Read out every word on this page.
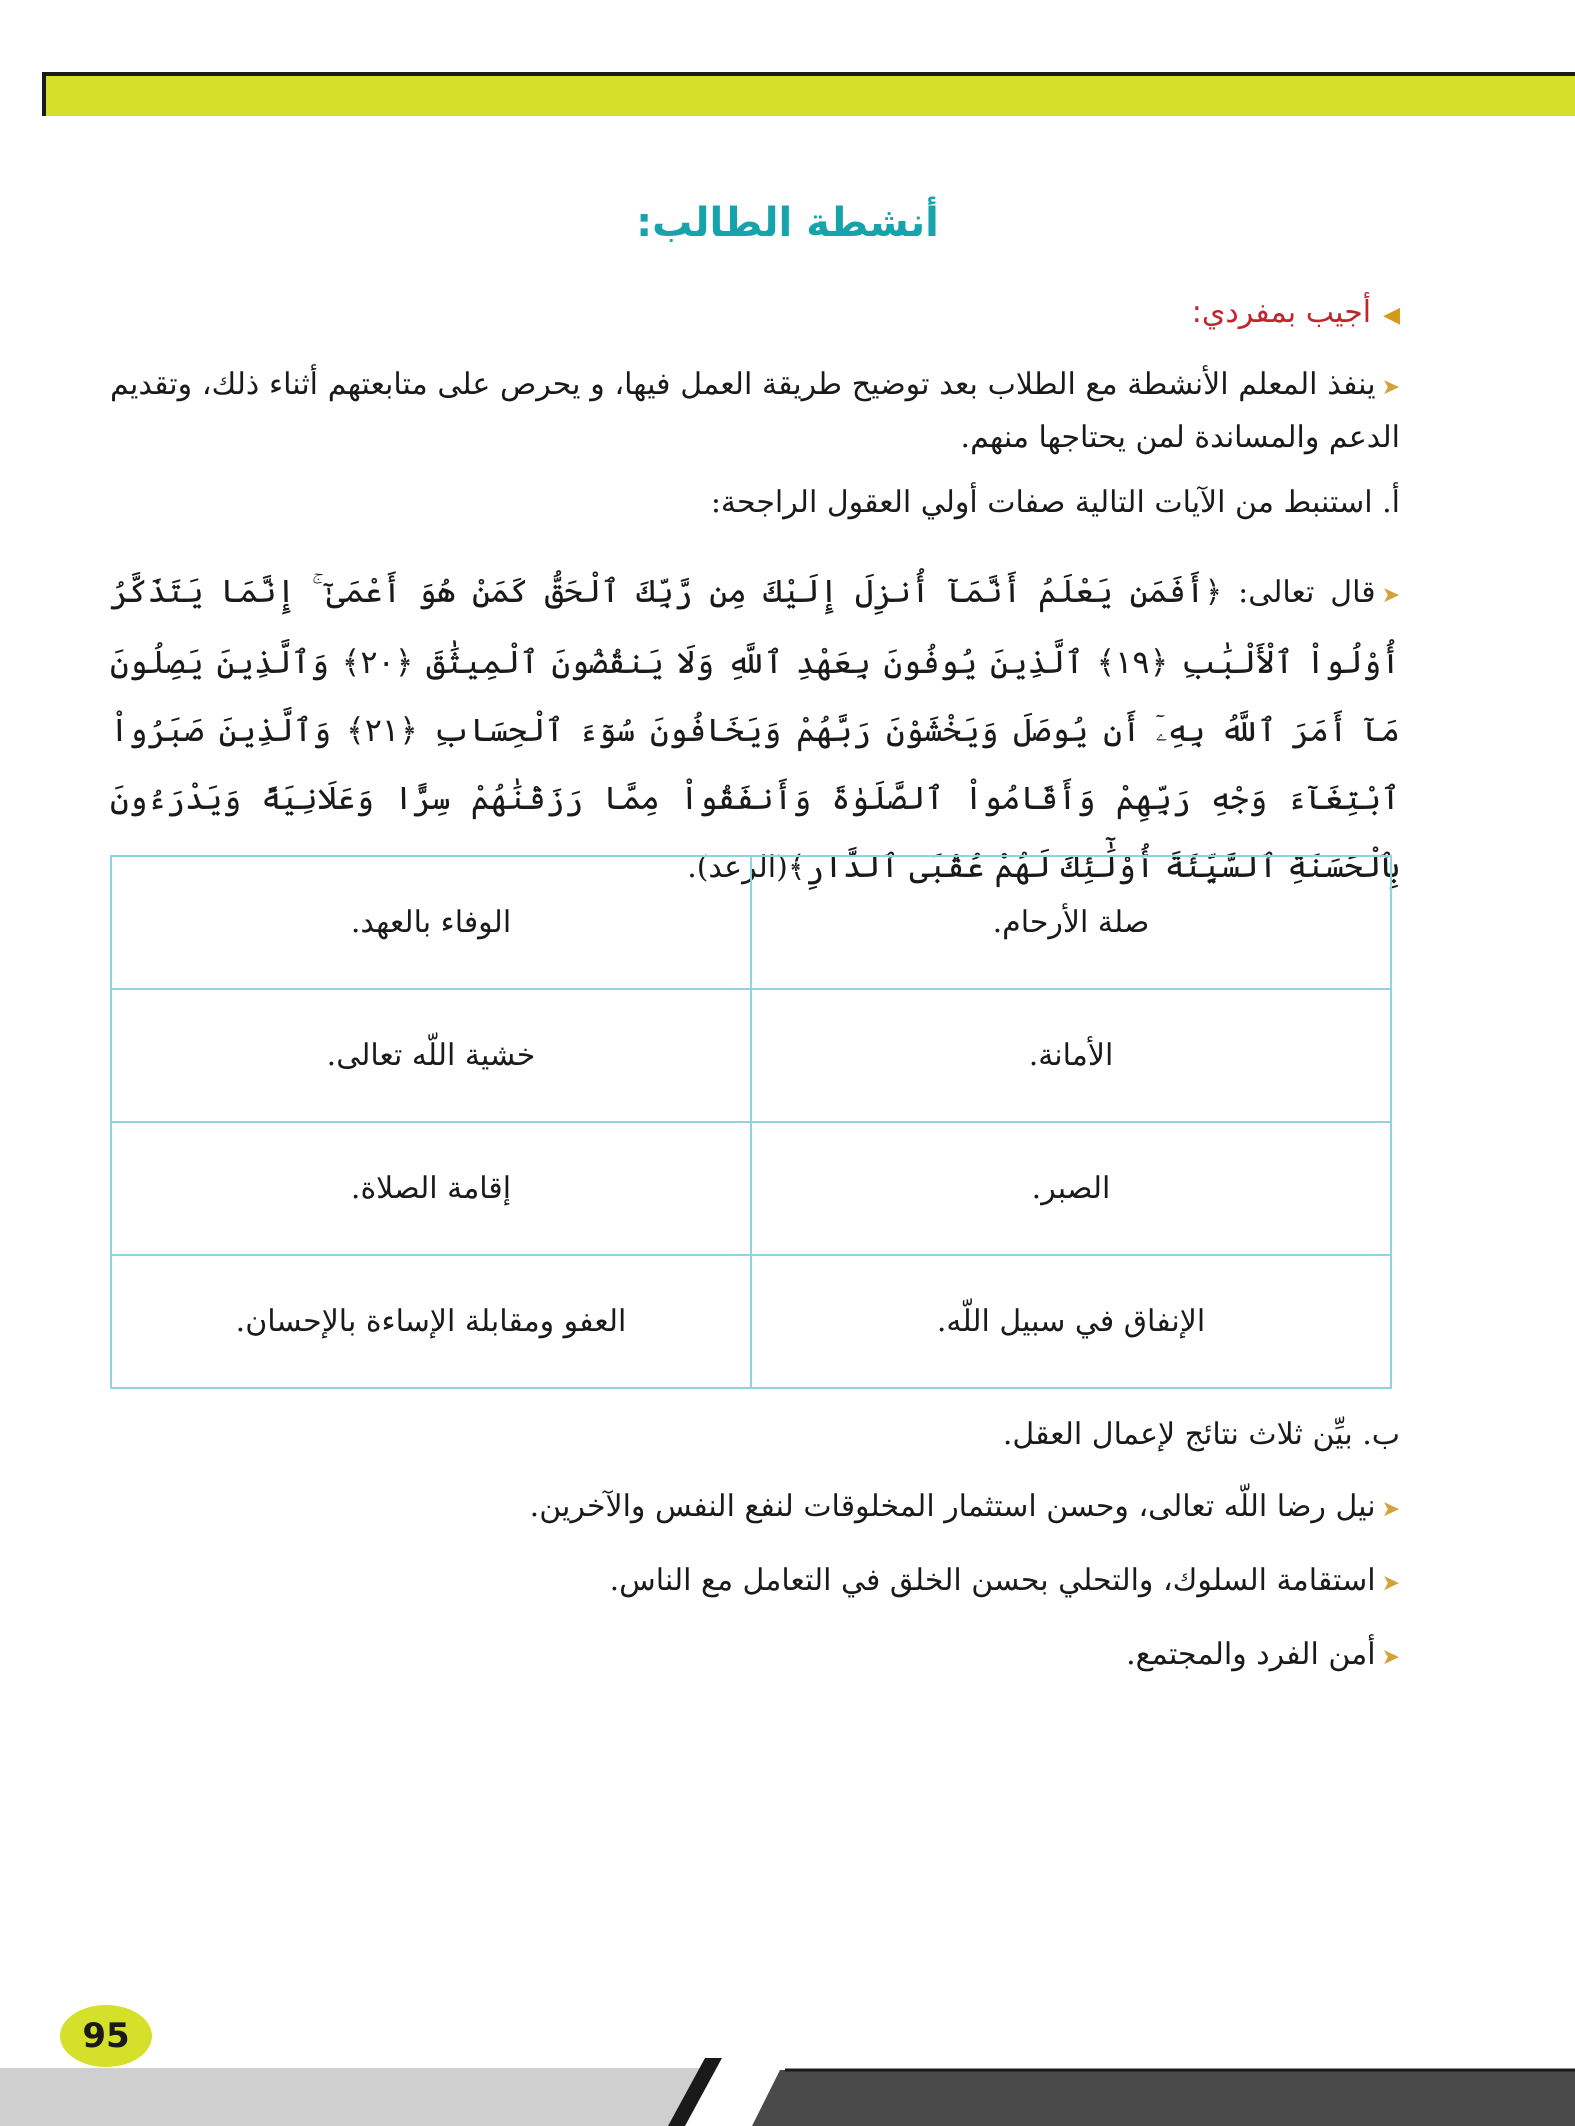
أنشطة الطالب:
◀أجيب بمفردي:
➤ينفذ المعلم الأنشطة مع الطلاب بعد توضيح طريقة العمل فيها، و يحرص على متابعتهم أثناء ذلك، وتقديم الدعم والمساندة لمن يحتاجها منهم.
أ. استنبط من الآيات التالية صفات أولي العقول الراجحة:
➤قال تعالى: ﴿أَفَمَن يَعْلَمُ أَنَّمَآ أُنزِلَ إِلَيْكَ مِن رَّبِّكَ ٱلْحَقُّ كَمَنْ هُوَ أَعْمَىٰٓ ۚ إِنَّمَا يَتَذَكَّرُ أُوْلُواْ ٱلْأَلْبَٰبِ ﴿١٩﴾ ٱلَّذِينَ يُوفُونَ بِعَهْدِ ٱللَّهِ وَلَا يَنقُضُونَ ٱلْمِيثَٰقَ ﴿٢٠﴾ وَٱلَّذِينَ يَصِلُونَ مَآ أَمَرَ ٱللَّهُ بِهِۦٓ أَن يُوصَلَ وَيَخْشَوْنَ رَبَّهُمْ وَيَخَافُونَ سُوٓءَ ٱلْحِسَابِ ﴿٢١﴾ وَٱلَّذِينَ صَبَرُواْ ٱبْتِغَآءَ وَجْهِ رَبِّهِمْ وَأَقَامُواْ ٱلصَّلَوٰةَ وَأَنفَقُواْ مِمَّا رَزَقْنَٰهُمْ سِرًّا وَعَلَانِيَةً وَيَدْرَءُونَ بِٱلْحَسَنَةِ ٱلسَّيِّئَةَ أُوْلَٰٓئِكَ لَهُمْ عُقْبَى ٱلدَّارِ﴾(الرعد).
صلة الأرحام.	الوفاء بالعهد.
الأمانة.	خشية اللّه تعالى.
الصبر.	إقامة الصلاة.
الإنفاق في سبيل اللّه.	العفو ومقابلة الإساءة بالإحسان.
ب. بيِّن ثلاث نتائج لإعمال العقل.
➤نيل رضا اللّه تعالى، وحسن استثمار المخلوقات لنفع النفس والآخرين.
➤استقامة السلوك، والتحلي بحسن الخلق في التعامل مع الناس.
➤أمن الفرد والمجتمع.
95
